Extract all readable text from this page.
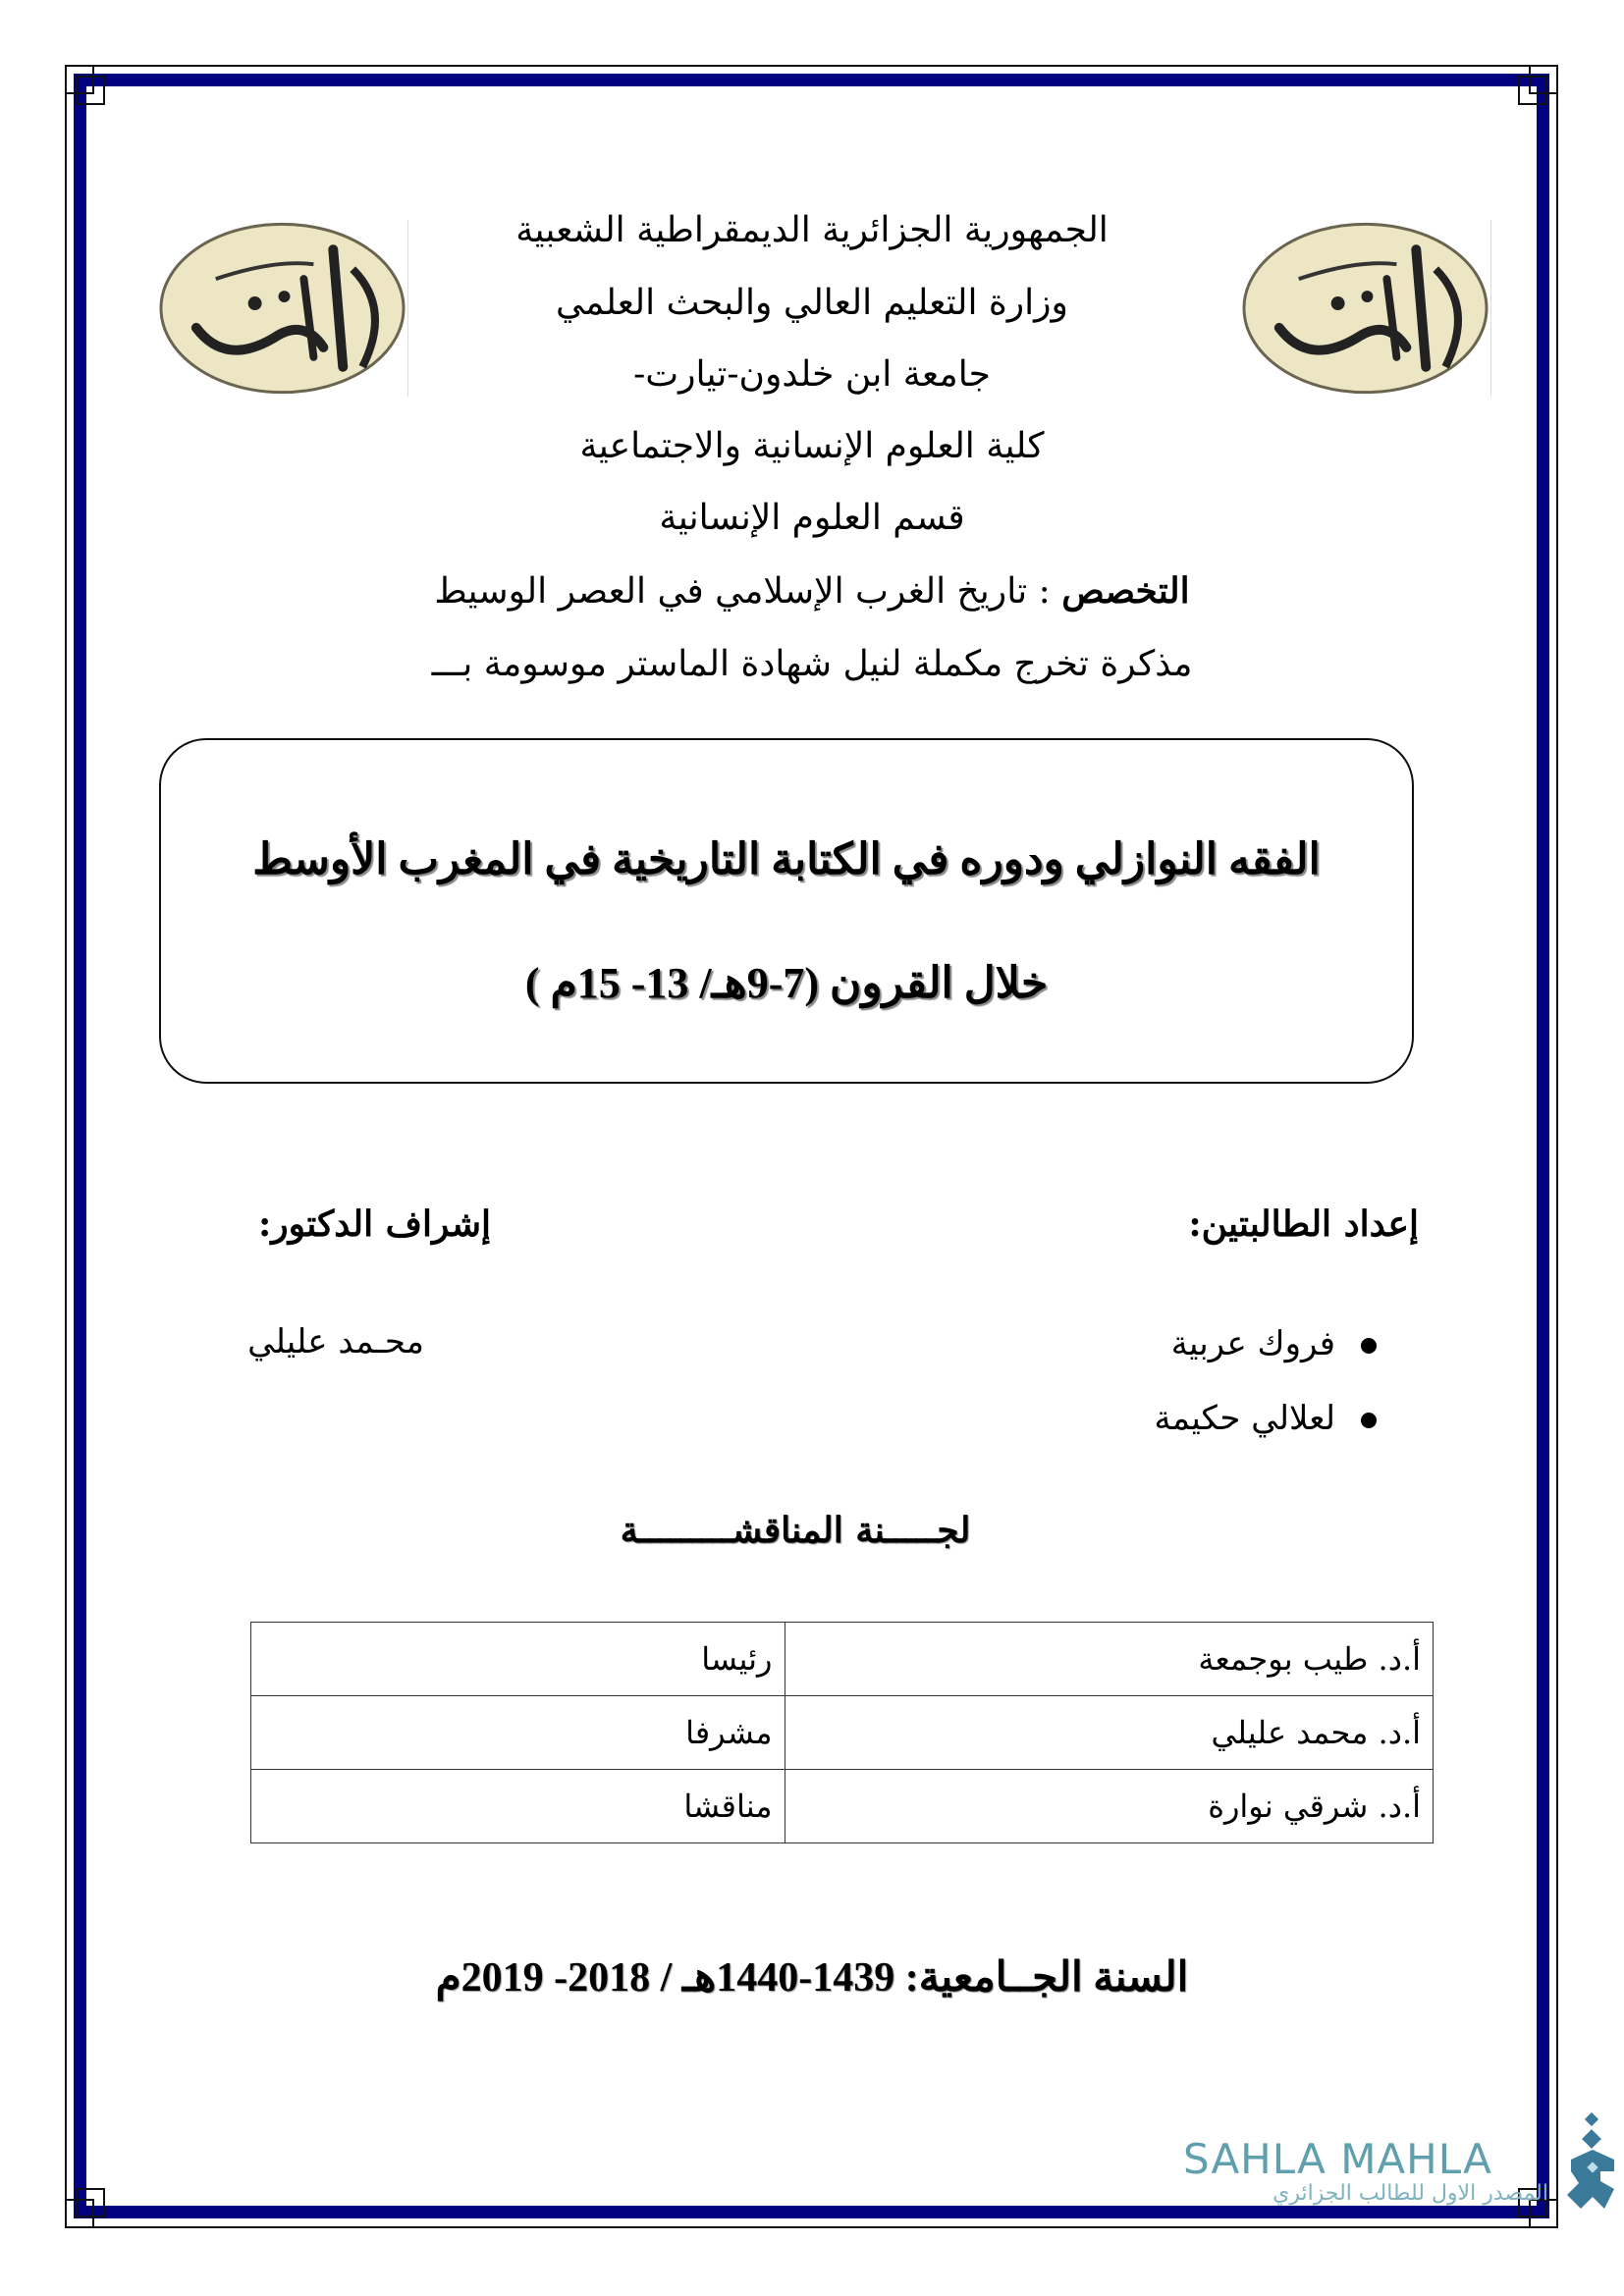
الجمهورية الجزائرية الديمقراطية الشعبية
وزارة التعليم العالي والبحث العلمي
جامعة ابن خلدون-تيارت-
كلية العلوم الإنسانية والاجتماعية
قسم العلوم الإنسانية
التخصص : تاريخ الغرب الإسلامي في العصر الوسيط
مذكرة تخرج مكملة لنيل شهادة الماستر موسومة بـــ
الفقه النوازلي ودوره في الكتابة التاريخية في المغرب الأوسط
خلال القرون (7-9هـ/ 13- 15م )
إعداد الطالبتين:
فروك عربية
لعلالي حكيمة
إشراف الدكتور:
محـمد عليلي
لجـــــنة المناقشـــــــــة
أ.د. طيب بوجمعة	رئيسا
أ.د. محمد عليلي	مشرفا
أ.د. شرقي نوارة	مناقشا
السنة الجــامعية: 1439-1440هـ / 2018- 2019م
SAHLA MAHLA
المصدر الاول للطالب الجزائري
